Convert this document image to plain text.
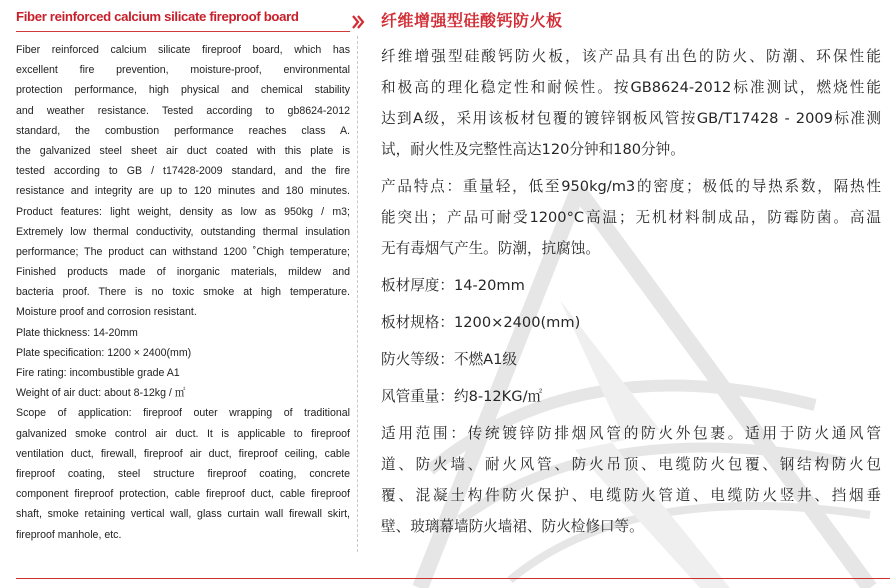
Fiber reinforced calcium silicate fireproof board
Fiber reinforced calcium silicate fireproof board, which has
excellent fire prevention, moisture-proof, environmental
protection performance, high physical and chemical stability
and weather resistance. Tested according to gb8624-2012
standard, the combustion performance reaches class A.
the galvanized steel sheet air duct coated with this plate is
tested according to GB / t17428-2009 standard, and the fire
resistance and integrity are up to 120 minutes and 180 minutes.
Product features: light weight, density as low as 950kg / m3;
Extremely low thermal conductivity, outstanding thermal insulation
performance; The product can withstand 1200 ˚Chigh temperature;
Finished products made of inorganic materials, mildew and
bacteria proof. There is no toxic smoke at high temperature.
Moisture proof and corrosion resistant.
Plate thickness: 14-20mm
Plate specification: 1200 × 2400(mm)
Fire rating: incombustible grade A1
Weight of air duct: about 8-12kg / ㎡
Scope of application: fireproof outer wrapping of traditional
galvanized smoke control air duct. It is applicable to fireproof
ventilation duct, firewall, fireproof air duct, fireproof ceiling, cable
fireproof coating, steel structure fireproof coating, concrete
component fireproof protection, cable fireproof duct, cable fireproof
shaft, smoke retaining vertical wall, glass curtain wall firewall skirt,
fireproof manhole, etc.
纤维增强型硅酸钙防火板
纤维增强型硅酸钙防火板，该产品具有出色的防火、防潮、环保性能
和极高的理化稳定性和耐候性。按GB8624-2012标准测试，燃烧性能
达到A级，采用该板材包覆的镀锌钢板风管按GB/T17428 - 2009标准测
试，耐火性及完整性高达120分钟和180分钟。
产品特点：重量轻，低至950kg/m3的密度；极低的导热系数，隔热性
能突出；产品可耐受1200°C高温；无机材料制成品，防霉防菌。高温
无有毒烟气产生。防潮，抗腐蚀。
板材厚度：14-20mm
板材规格：1200×2400(mm)
防火等级：不燃A1级
风管重量：约8-12KG/㎡
适用范围：传统镀锌防排烟风管的防火外包裹。适用于防火通风管
道、防火墙、耐火风管、防火吊顶、电缆防火包覆、钢结构防火包
覆、混凝土构件防火保护、电缆防火管道、电缆防火竖井、挡烟垂
壁、玻璃幕墙防火墙裙、防火检修口等。
